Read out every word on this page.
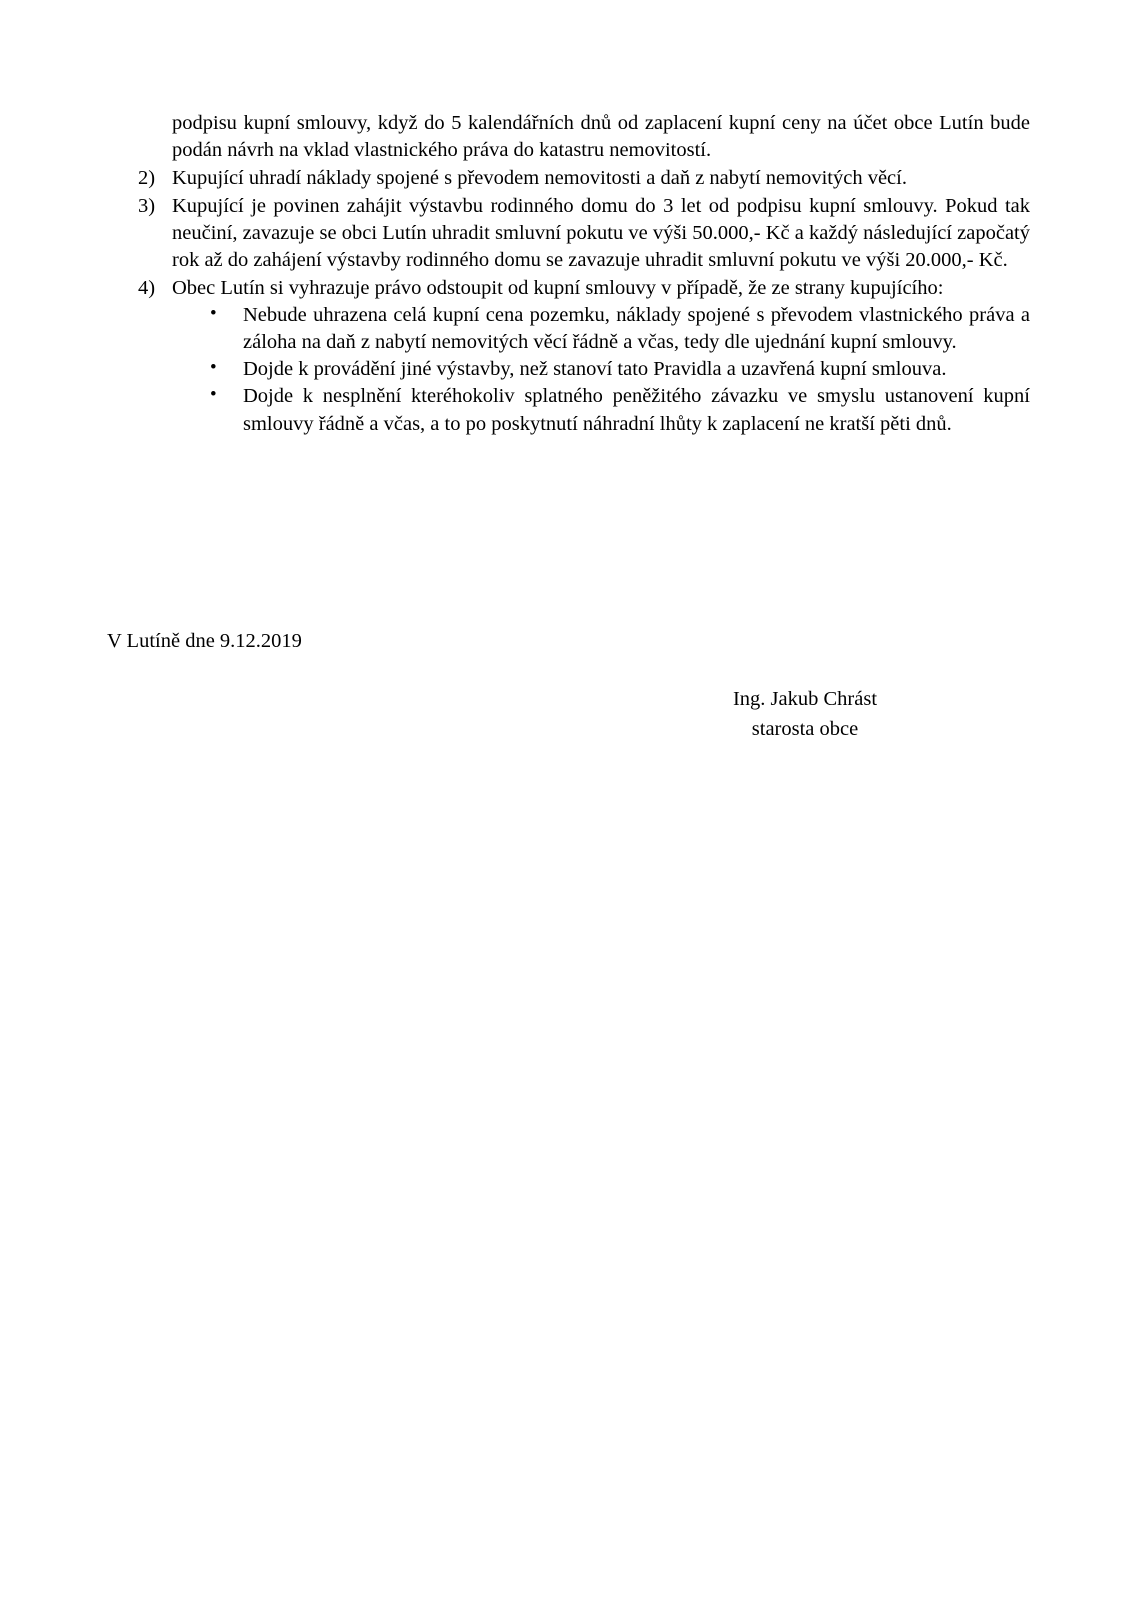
podpisu kupní smlouvy, když do 5 kalendářních dnů od zaplacení kupní ceny na účet obce Lutín bude podán návrh na vklad vlastnického práva do katastru nemovitostí.

2) Kupující uhradí náklady spojené s převodem nemovitosti a daň z nabytí nemovitých věcí.

3) Kupující je povinen zahájit výstavbu rodinného domu do 3 let od podpisu kupní smlouvy. Pokud tak neučiní, zavazuje se obci Lutín uhradit smluvní pokutu ve výši 50.000,- Kč a každý následující započatý rok až do zahájení výstavby rodinného domu se zavazuje uhradit smluvní pokutu ve výši 20.000,- Kč.

4) Obec Lutín si vyhrazuje právo odstoupit od kupní smlouvy v případě, že ze strany kupujícího:

• Nebude uhrazena celá kupní cena pozemku, náklady spojené s převodem vlastnického práva a záloha na daň z nabytí nemovitých věcí řádně a včas, tedy dle ujednání kupní smlouvy.

• Dojde k provádění jiné výstavby, než stanoví tato Pravidla a uzavřená kupní smlouva.

• Dojde k nesplnění kteréhokoliv splatného peněžitého závazku ve smyslu ustanovení kupní smlouvy řádně a včas, a to po poskytnutí náhradní lhůty k zaplacení ne kratší pěti dnů.

V Lutíně dne 9.12.2019
Ing. Jakub Chrást
starosta obce
